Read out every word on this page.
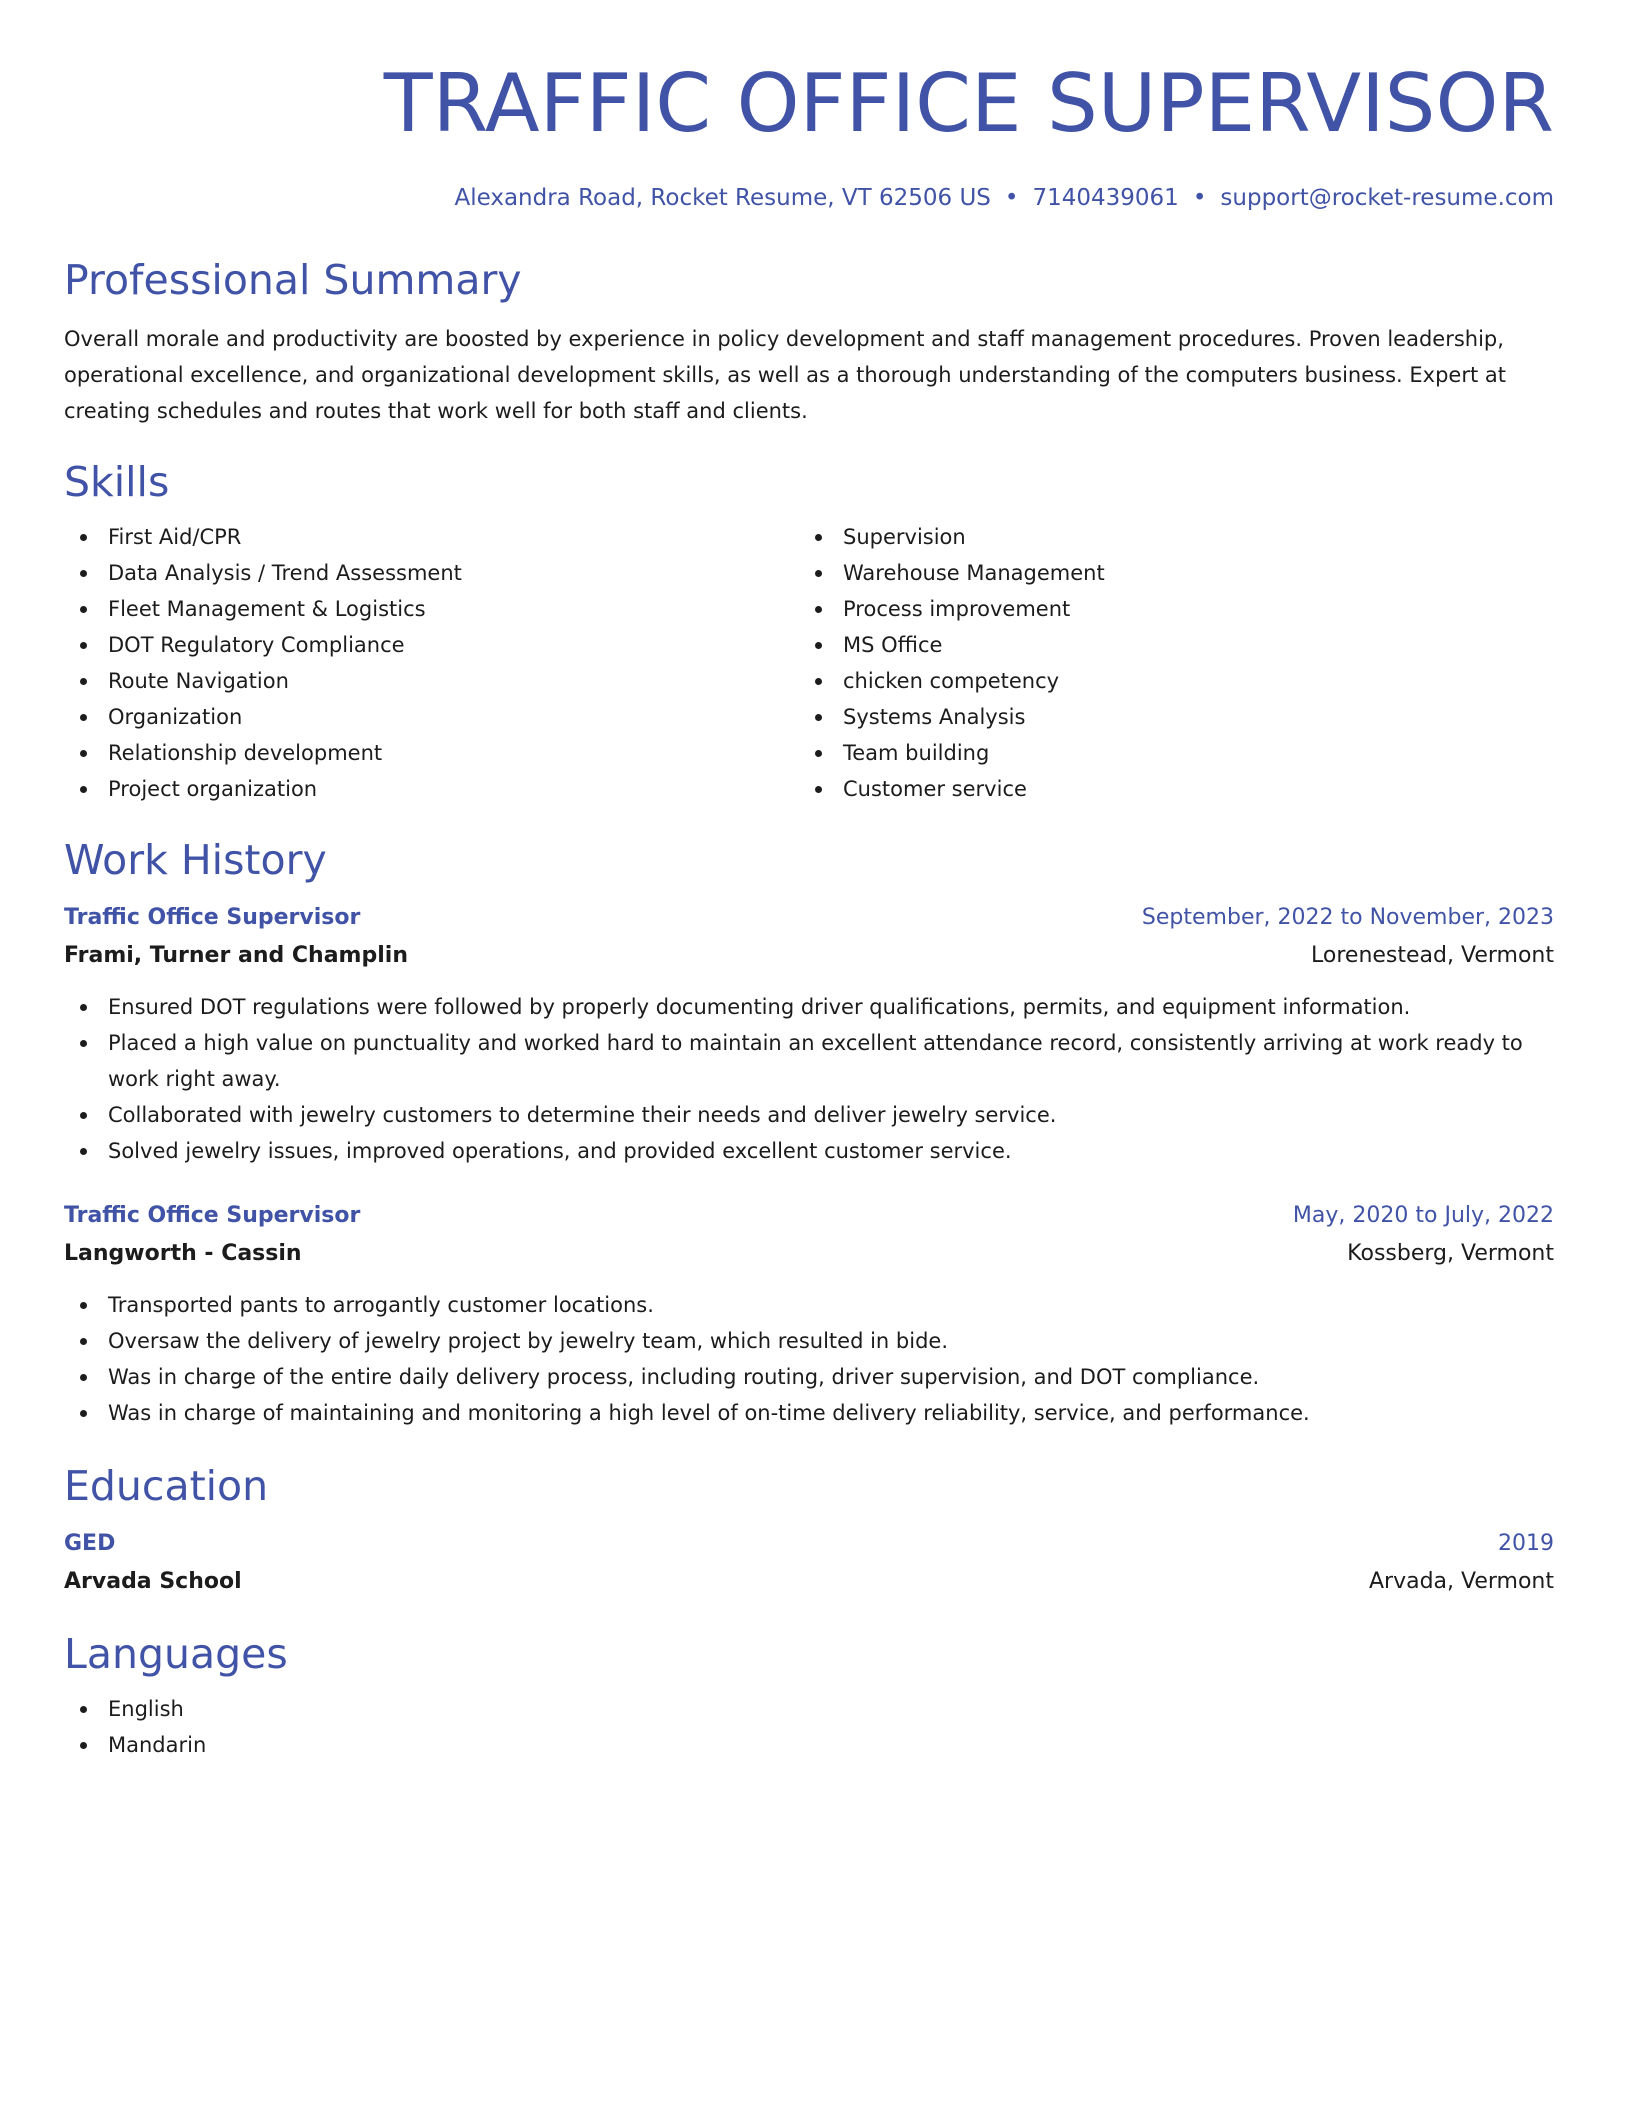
TRAFFIC OFFICE SUPERVISOR
Alexandra Road, Rocket Resume, VT 62506 US • 7140439061 • support@rocket-resume.com
Professional Summary
Overall morale and productivity are boosted by experience in policy development and staff management procedures. Proven leadership, operational excellence, and organizational development skills, as well as a thorough understanding of the computers business. Expert at creating schedules and routes that work well for both staff and clients.
Skills
First Aid/CPR
Data Analysis / Trend Assessment
Fleet Management & Logistics
DOT Regulatory Compliance
Route Navigation
Organization
Relationship development
Project organization
Supervision
Warehouse Management
Process improvement
MS Office
chicken competency
Systems Analysis
Team building
Customer service
Work History
Traffic Office Supervisor	September, 2022 to November, 2023
Frami, Turner and Champlin	Lorenestead, Vermont
Ensured DOT regulations were followed by properly documenting driver qualifications, permits, and equipment information.
Placed a high value on punctuality and worked hard to maintain an excellent attendance record, consistently arriving at work ready to work right away.
Collaborated with jewelry customers to determine their needs and deliver jewelry service.
Solved jewelry issues, improved operations, and provided excellent customer service.
Traffic Office Supervisor	May, 2020 to July, 2022
Langworth - Cassin	Kossberg, Vermont
Transported pants to arrogantly customer locations.
Oversaw the delivery of jewelry project by jewelry team, which resulted in bide.
Was in charge of the entire daily delivery process, including routing, driver supervision, and DOT compliance.
Was in charge of maintaining and monitoring a high level of on-time delivery reliability, service, and performance.
Education
GED	2019
Arvada School	Arvada, Vermont
Languages
English
Mandarin
